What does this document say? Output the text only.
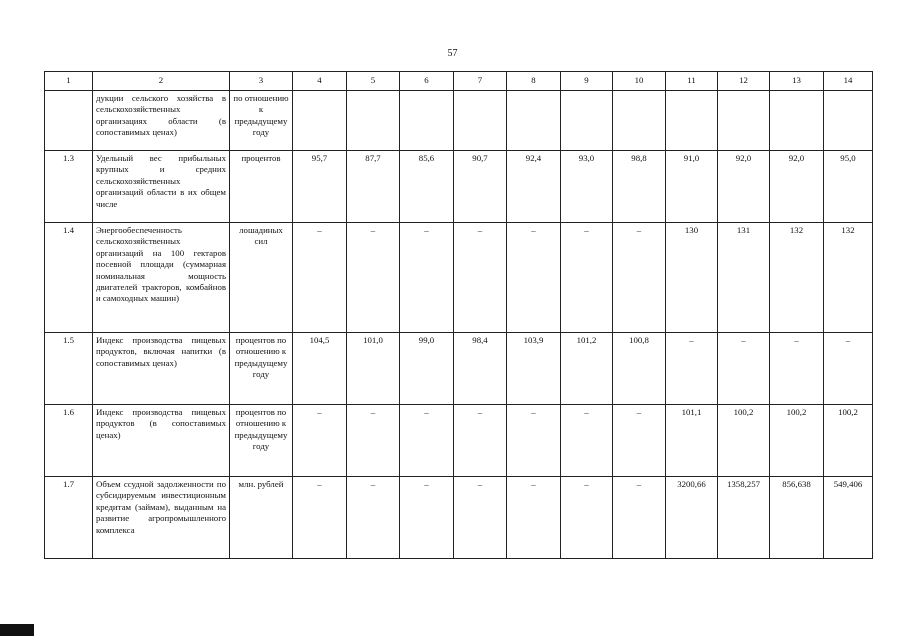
57
1	2	3	4	5	6	7	8	9	10	11	12	13	14
	дукции сельского хозяйства в сельскохозяйственных организациях области (в сопоставимых ценах)	по отношению к предыдущему году											
1.3	Удельный вес прибыльных крупных и средних сельскохозяйственных организаций области в их общем числе	процентов	95,7	87,7	85,6	90,7	92,4	93,0	98,8	91,0	92,0	92,0	95,0
1.4	Энергообеспеченность сельскохозяйственных организаций на 100 гектаров посевной площади (суммарная номинальная мощность двигателей тракторов, комбайнов и самоходных машин)	лошадиных сил	–	–	–	–	–	–	–	130	131	132	132
1.5	Индекс производства пищевых продуктов, включая напитки (в сопоставимых ценах)	процентов по отношению к предыдущему году	104,5	101,0	99,0	98,4	103,9	101,2	100,8	–	–	–	–
1.6	Индекс производства пищевых продуктов (в сопоставимых ценах)	процентов по отношению к предыдущему году	–	–	–	–	–	–	–	101,1	100,2	100,2	100,2
1.7	Объем ссудной задолженности по субсидируемым инвестиционным кредитам (займам), выданным на развитие агропромышленного комплекса	млн. рублей	–	–	–	–	–	–	–	3200,66	1358,257	856,638	549,406
